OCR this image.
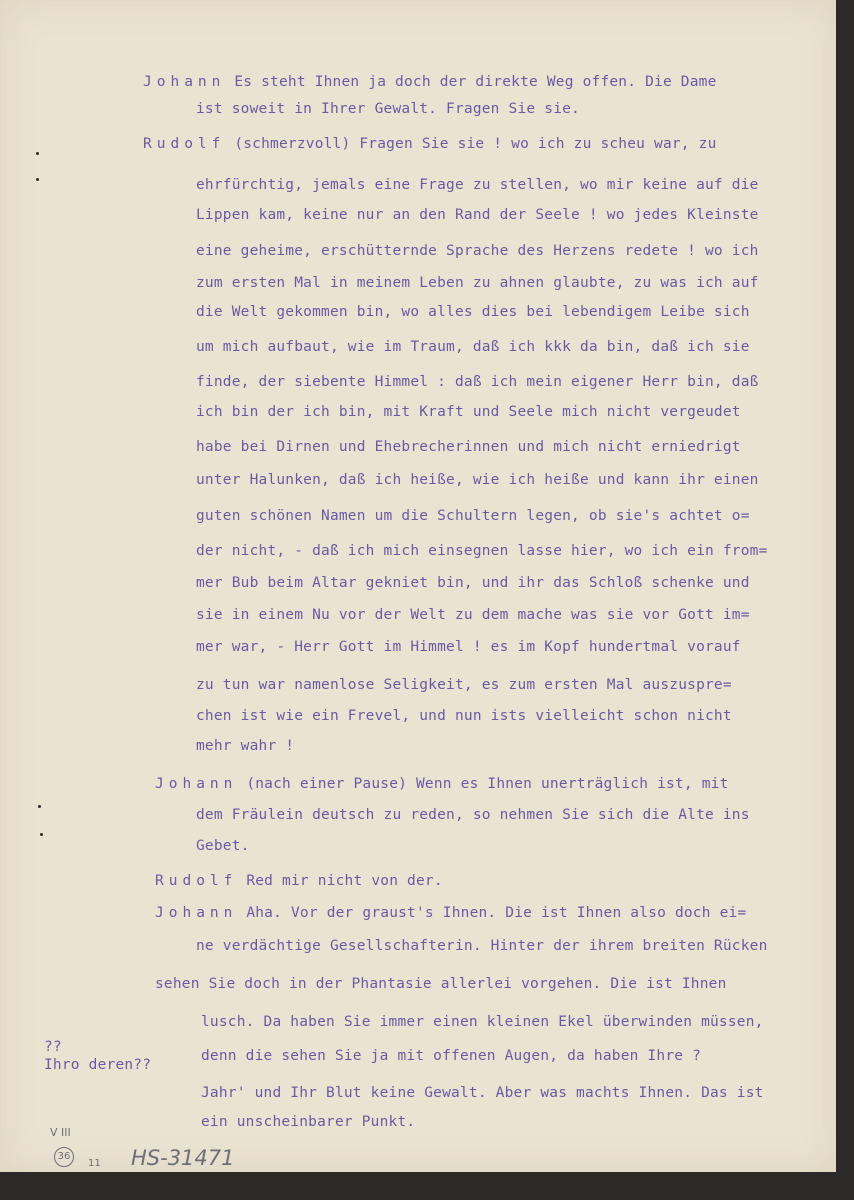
Johann Es steht Ihnen ja doch der direkte Weg offen. Die Dame
ist soweit in Ihrer Gewalt. Fragen Sie sie.
Rudolf (schmerzvoll) Fragen Sie sie ! wo ich zu scheu war, zu
ehrfürchtig, jemals eine Frage zu stellen, wo mir keine auf die
Lippen kam, keine nur an den Rand der Seele ! wo jedes Kleinste
eine geheime, erschütternde Sprache des Herzens redete ! wo ich
zum ersten Mal in meinem Leben zu ahnen glaubte, zu was ich auf
die Welt gekommen bin, wo alles dies bei lebendigem Leibe sich
um mich aufbaut, wie im Traum, daß ich kkk da bin, daß ich sie
finde, der siebente Himmel : daß ich mein eigener Herr bin, daß
ich bin der ich bin, mit Kraft und Seele mich nicht vergeudet
habe bei Dirnen und Ehebrecherinnen und mich nicht erniedrigt
unter Halunken, daß ich heiße, wie ich heiße und kann ihr einen
guten schönen Namen um die Schultern legen, ob sie's achtet o=
der nicht, - daß ich mich einsegnen lasse hier, wo ich ein from=
mer Bub beim Altar gekniet bin, und ihr das Schloß schenke und
sie in einem Nu vor der Welt zu dem mache was sie vor Gott im=
mer war, - Herr Gott im Himmel ! es im Kopf hundertmal vorauf
zu tun war namenlose Seligkeit, es zum ersten Mal auszuspre=
chen ist wie ein Frevel, und nun ists vielleicht schon nicht
mehr wahr !
Johann (nach einer Pause) Wenn es Ihnen unerträglich ist, mit
dem Fräulein deutsch zu reden, so nehmen Sie sich die Alte ins
Gebet.
Rudolf Red mir nicht von der.
Johann Aha. Vor der graust's Ihnen. Die ist Ihnen also doch ei=
ne verdächtige Gesellschafterin. Hinter der ihrem breiten Rücken
sehen Sie doch in der Phantasie allerlei vorgehen. Die ist Ihnen
lusch. Da haben Sie immer einen kleinen Ekel überwinden müssen,
denn die sehen Sie ja mit offenen Augen, da haben Ihre ?
Jahr' und Ihr Blut keine Gewalt. Aber was machts Ihnen. Das ist
ein unscheinbarer Punkt.
??
Ihro deren??
V III
36
11 HS-31471
